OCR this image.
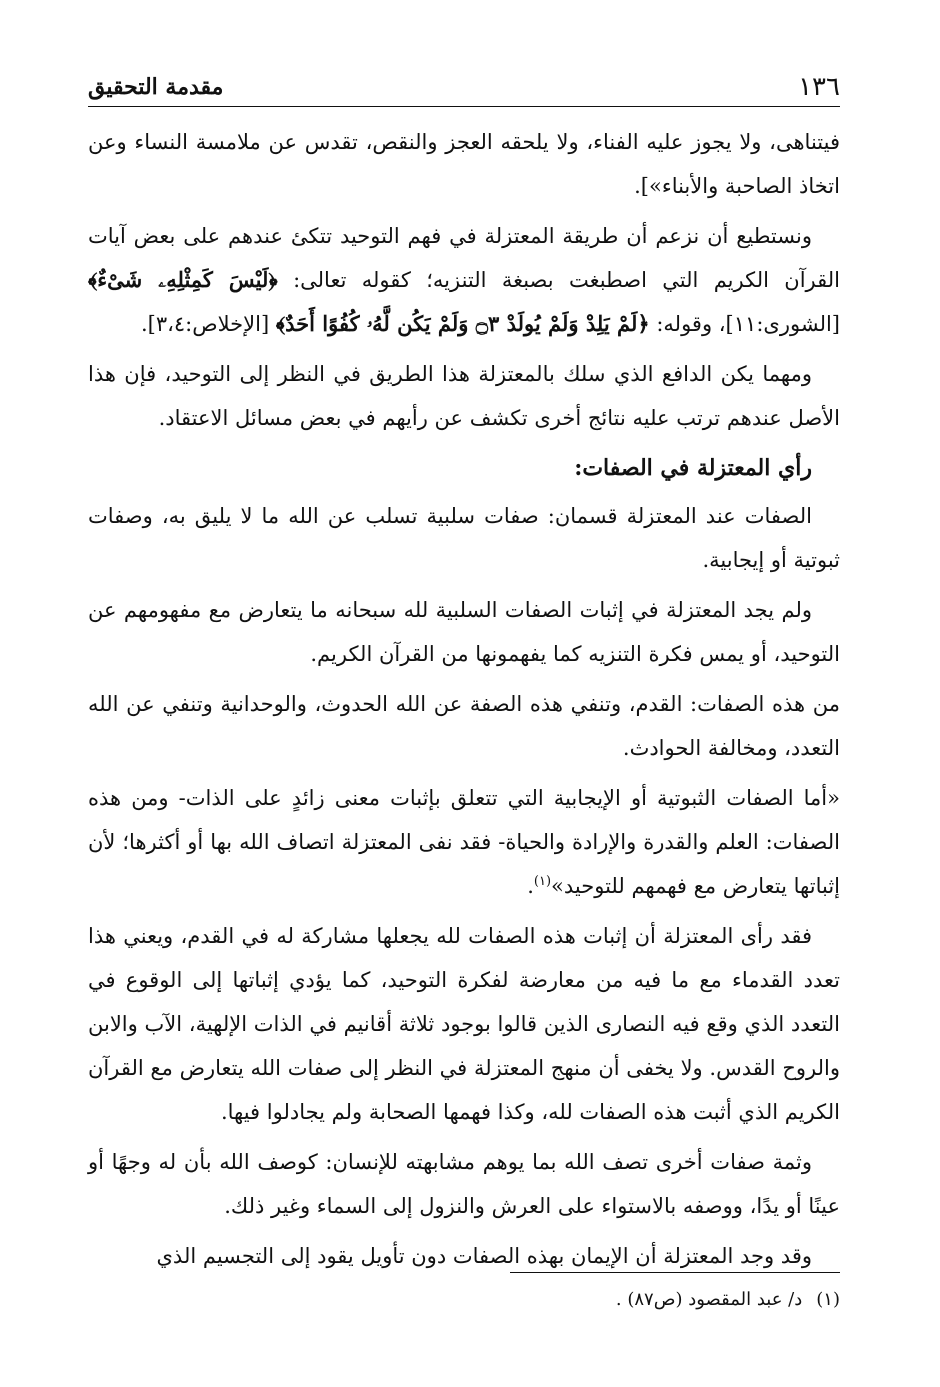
١٣٦
مقدمة التحقيق

فيتناهى، ولا يجوز عليه الفناء، ولا يلحقه العجز والنقص، تقدس عن ملامسة النساء وعن اتخاذ الصاحبة والأبناء»].

ونستطيع أن نزعم أن طريقة المعتزلة في فهم التوحيد تتكئ عندهم على بعض آيات القرآن الكريم التي اصطبغت بصبغة التنزيه؛ كقوله تعالى: ﴿لَيْسَ كَمِثْلِهِۦ شَىْءٌ﴾[الشورى:١١]، وقوله: ﴿لَمْ يَلِدْ وَلَمْ يُولَدْ ۝٣ وَلَمْ يَكُن لَّهُۥ كُفُوًا أَحَدٌ﴾ [الإخلاص:٣،٤].

ومهما يكن الدافع الذي سلك بالمعتزلة هذا الطريق في النظر إلى التوحيد، فإن هذا الأصل عندهم ترتب عليه نتائج أخرى تكشف عن رأيهم في بعض مسائل الاعتقاد.

رأي المعتزلة في الصفات:

الصفات عند المعتزلة قسمان: صفات سلبية تسلب عن الله ما لا يليق به، وصفات ثبوتية أو إيجابية.

ولم يجد المعتزلة في إثبات الصفات السلبية لله سبحانه ما يتعارض مع مفهومهم عن التوحيد، أو يمس فكرة التنزيه كما يفهمونها من القرآن الكريم.

من هذه الصفات: القدم، وتنفي هذه الصفة عن الله الحدوث، والوحدانية وتنفي عن الله التعدد، ومخالفة الحوادث.

«أما الصفات الثبوتية أو الإيجابية التي تتعلق بإثبات معنى زائدٍ على الذات- ومن هذه الصفات: العلم والقدرة والإرادة والحياة- فقد نفى المعتزلة اتصاف الله بها أو أكثرها؛ لأن إثباتها يتعارض مع فهمهم للتوحيد»$^{(١)}$.

فقد رأى المعتزلة أن إثبات هذه الصفات لله يجعلها مشاركة له في القدم، ويعني هذا تعدد القدماء مع ما فيه من معارضة لفكرة التوحيد، كما يؤدي إثباتها إلى الوقوع في التعدد الذي وقع فيه النصارى الذين قالوا بوجود ثلاثة أقانيم في الذات الإلهية، الآب والابن والروح القدس. ولا يخفى أن منهج المعتزلة في النظر إلى صفات الله يتعارض مع القرآن الكريم الذي أثبت هذه الصفات لله، وكذا فهمها الصحابة ولم يجادلوا فيها.

وثمة صفات أخرى تصف الله بما يوهم مشابهته للإنسان: كوصف الله بأن له وجهًا أو عينًا أو يدًا، ووصفه بالاستواء على العرش والنزول إلى السماء وغير ذلك.

وقد وجد المعتزلة أن الإيمان بهذه الصفات دون تأويل يقود إلى التجسيم الذي

(١)د/ عبد المقصود (ص٨٧) .
